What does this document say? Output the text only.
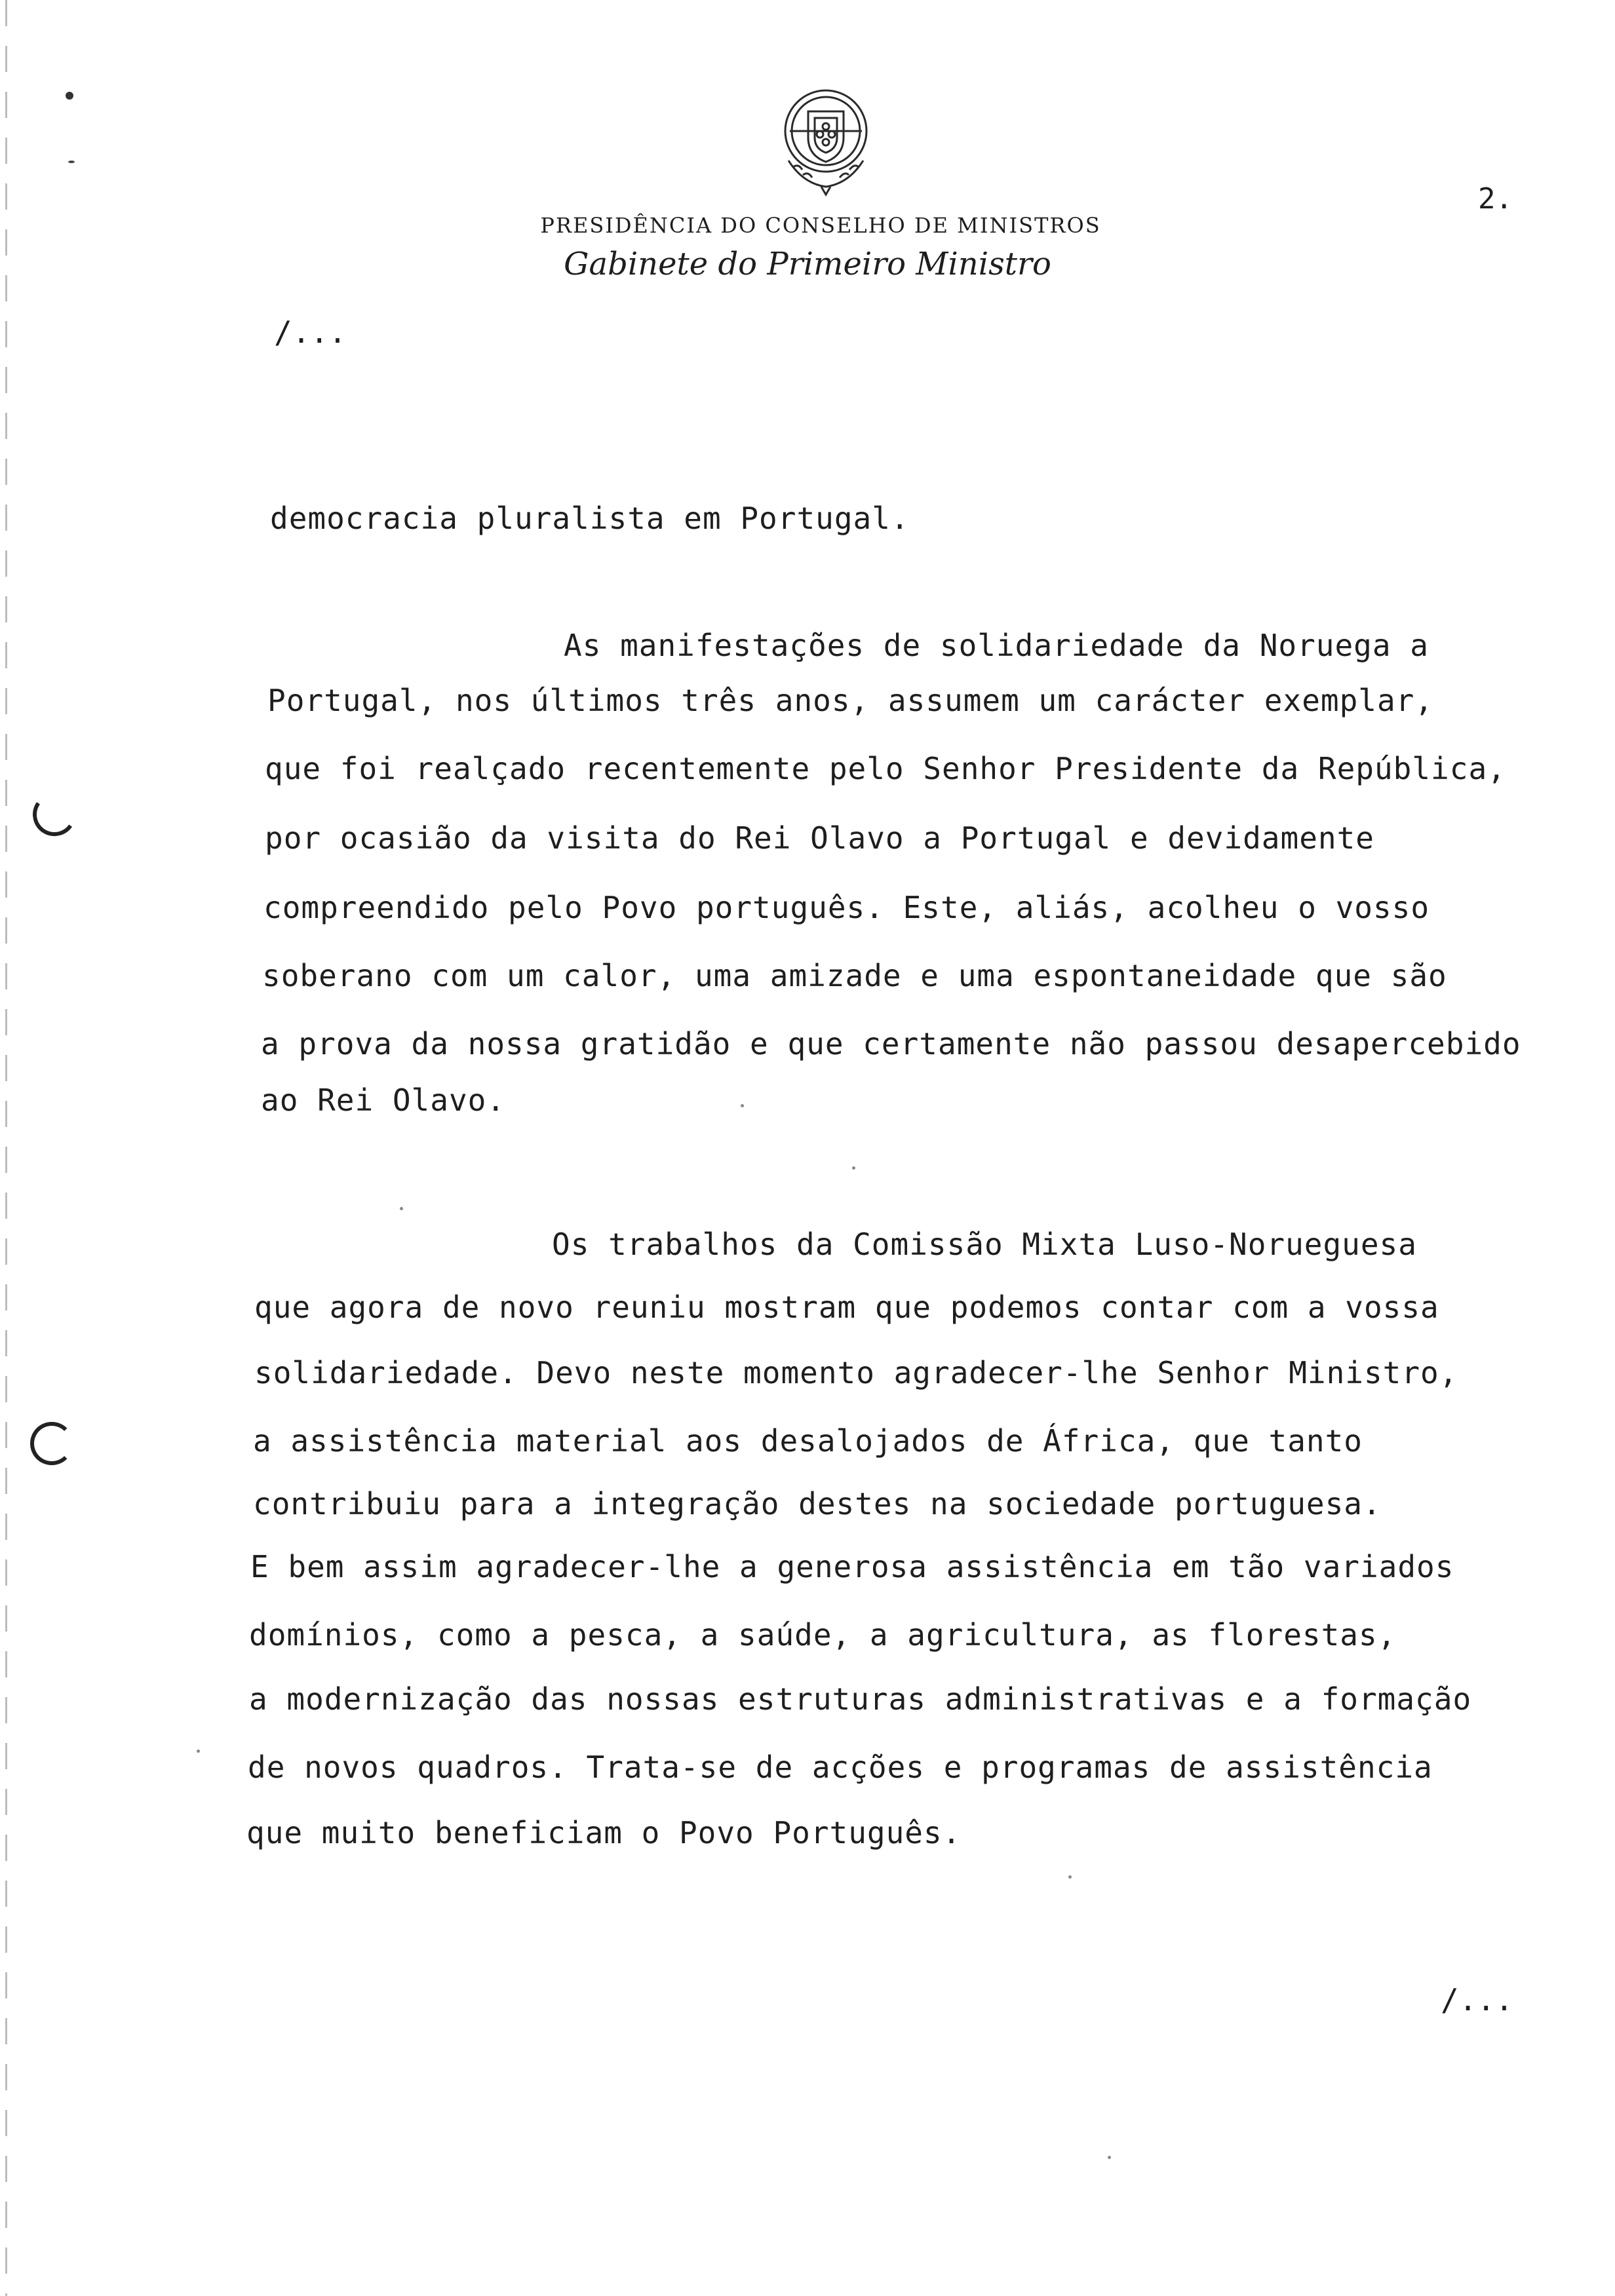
PRESIDÊNCIA DO CONSELHO DE MINISTROS
Gabinete do Primeiro Ministro
2.
/...
democracia pluralista em Portugal.
As manifestações de solidariedade da Noruega a
Portugal, nos últimos três anos, assumem um carácter exemplar,
que foi realçado recentemente pelo Senhor Presidente da República,
por ocasião da visita do Rei Olavo a Portugal e devidamente
compreendido pelo Povo português. Este, aliás, acolheu o vosso
soberano com um calor, uma amizade e uma espontaneidade que são
a prova da nossa gratidão e que certamente não passou desapercebido
ao Rei Olavo.
Os trabalhos da Comissão Mixta Luso-Norueguesa
que agora de novo reuniu mostram que podemos contar com a vossa
solidariedade. Devo neste momento agradecer-lhe Senhor Ministro,
a assistência material aos desalojados de África, que tanto
contribuiu para a integração destes na sociedade portuguesa.
E bem assim agradecer-lhe a generosa assistência em tão variados
domínios, como a pesca, a saúde, a agricultura, as florestas,
a modernização das nossas estruturas administrativas e a formação
de novos quadros. Trata-se de acções e programas de assistência
que muito beneficiam o Povo Português.
/...
